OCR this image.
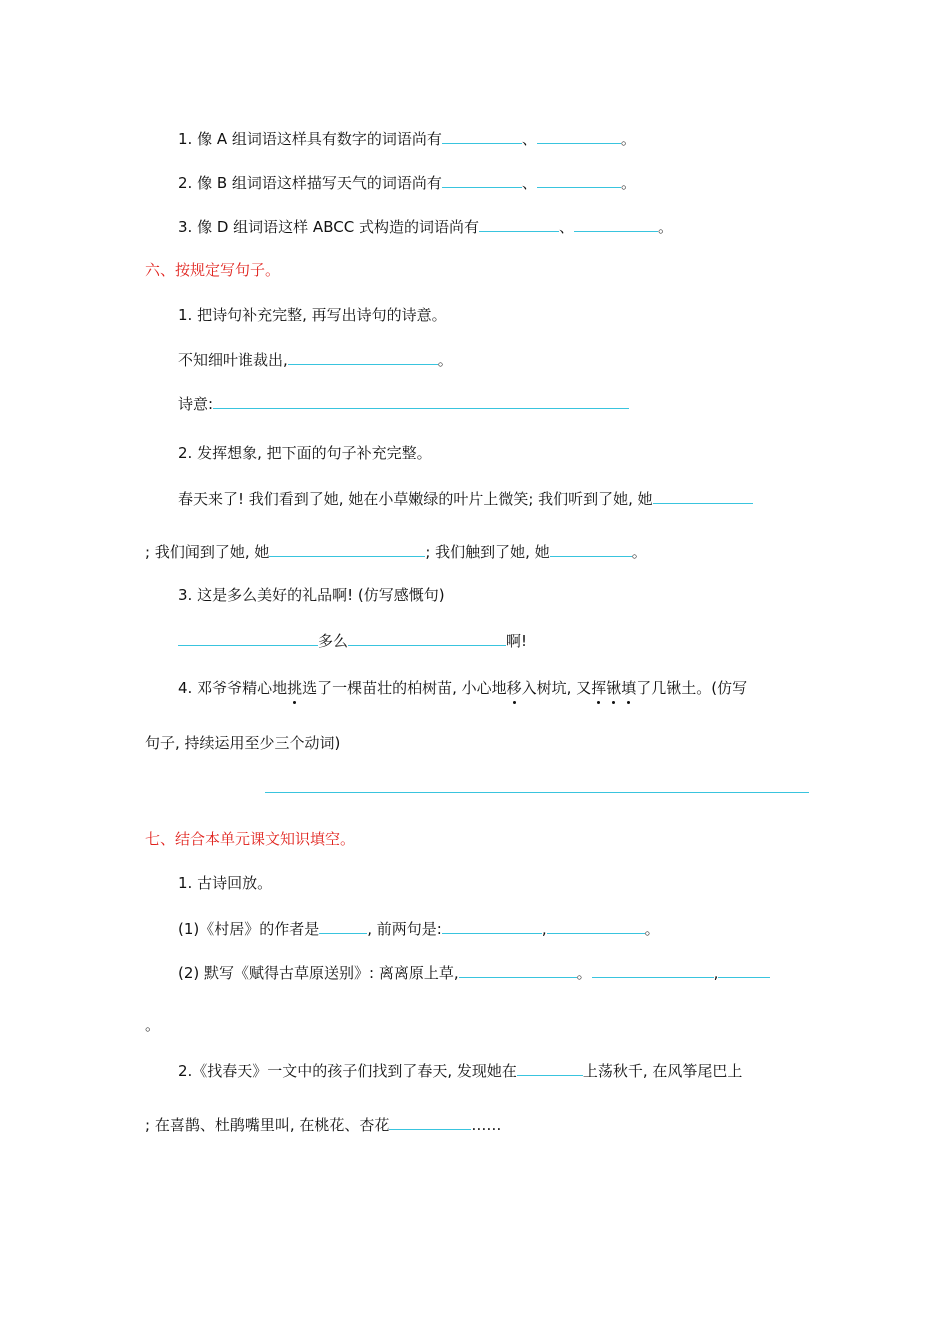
1. 像 A 组词语这样具有数字的词语尚有	、	。
2. 像 B 组词语这样描写天气的词语尚有	、	。
3. 像 D 组词语这样 ABCC 式构造的词语尚有	、	。
六、按规定写句子。
1. 把诗句补充完整, 再写出诗句的诗意。
不知细叶谁裁出,	。
诗意:
2. 发挥想象, 把下面的句子补充完整。
春天来了! 我们看到了她, 她在小草嫩绿的叶片上微笑; 我们听到了她, 她
; 我们闻到了她, 她	; 我们触到了她, 她	。
3. 这是多么美好的礼品啊! (仿写感慨句)
多么	啊!
4. 邓爷爷精心地挑选了一棵苗壮的柏树苗, 小心地移入树坑, 又挥锹填了几锹土。(仿写
句子, 持续运用至少三个动词)
七、结合本单元课文知识填空。
1. 古诗回放。
(1)《村居》的作者是	, 前两句是:	,	。
(2) 默写《赋得古草原送别》: 离离原上草,	。	,
。
2.《找春天》一文中的孩子们找到了春天, 发现她在	上荡秋千, 在风筝尾巴上
; 在喜鹊、杜鹃嘴里叫, 在桃花、杏花	……
